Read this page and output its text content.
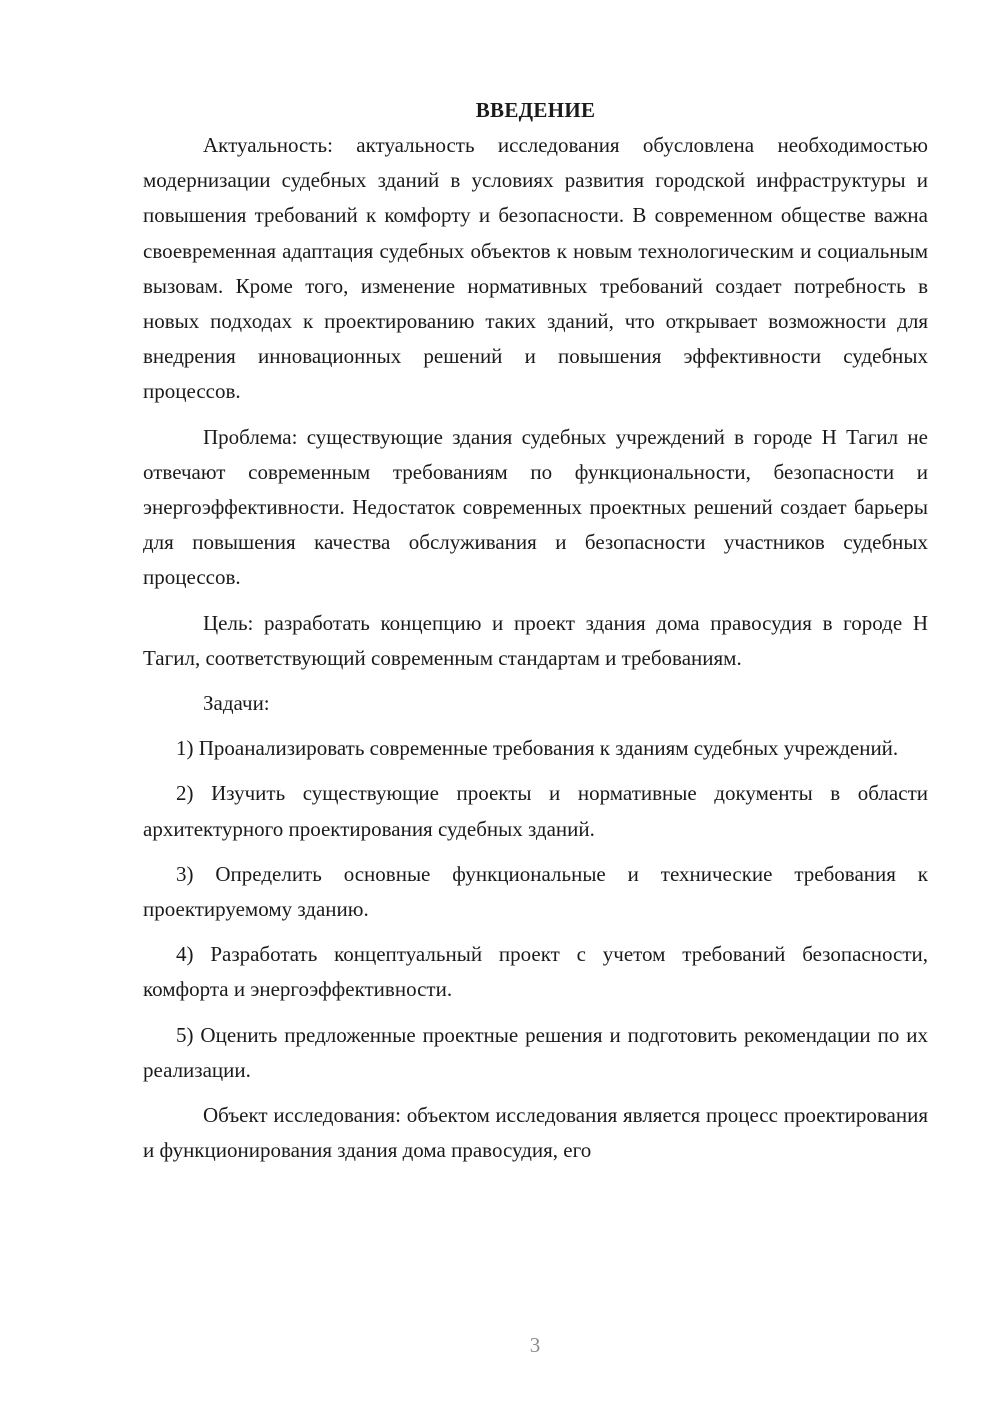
ВВЕДЕНИЕ

Актуальность: актуальность исследования обусловлена необходимостью модернизации судебных зданий в условиях развития городской инфраструктуры и повышения требований к комфорту и безопасности. В современном обществе важна своевременная адаптация судебных объектов к новым технологическим и социальным вызовам. Кроме того, изменение нормативных требований создает потребность в новых подходах к проектированию таких зданий, что открывает возможности для внедрения инновационных решений и повышения эффективности судебных процессов.

Проблема: существующие здания судебных учреждений в городе Н Тагил не отвечают современным требованиям по функциональности, безопасности и энергоэффективности. Недостаток современных проектных решений создает барьеры для повышения качества обслуживания и безопасности участников судебных процессов.

Цель: разработать концепцию и проект здания дома правосудия в городе Н Тагил, соответствующий современным стандартам и требованиям.

Задачи:

1) Проанализировать современные требования к зданиям судебных учреждений.

2) Изучить существующие проекты и нормативные документы в области архитектурного проектирования судебных зданий.

3) Определить основные функциональные и технические требования к проектируемому зданию.

4) Разработать концептуальный проект с учетом требований безопасности, комфорта и энергоэффективности.

5) Оценить предложенные проектные решения и подготовить рекомендации по их реализации.

Объект исследования: объектом исследования является процесс проектирования и функционирования здания дома правосудия, его

3
